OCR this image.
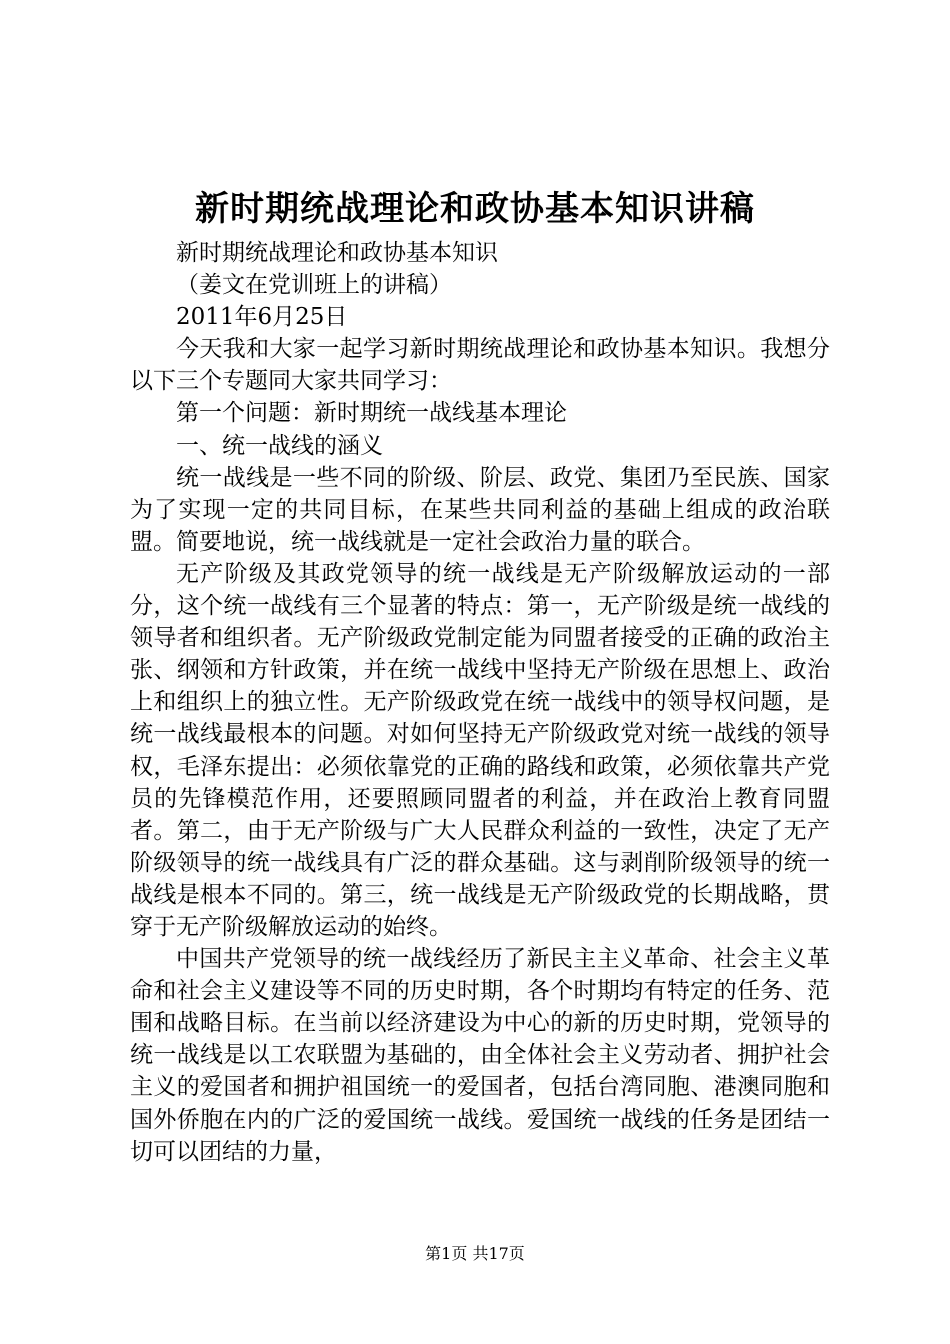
新时期统战理论和政协基本知识讲稿

新时期统战理论和政协基本知识

（姜文在党训班上的讲稿）

2011年6月25日

今天我和大家一起学习新时期统战理论和政协基本知识。我想分以下三个专题同大家共同学习：

第一个问题：新时期统一战线基本理论

一、统一战线的涵义

统一战线是一些不同的阶级、阶层、政党、集团乃至民族、国家为了实现一定的共同目标，在某些共同利益的基础上组成的政治联盟。简要地说，统一战线就是一定社会政治力量的联合。

无产阶级及其政党领导的统一战线是无产阶级解放运动的一部分，这个统一战线有三个显著的特点：第一，无产阶级是统一战线的领导者和组织者。无产阶级政党制定能为同盟者接受的正确的政治主张、纲领和方针政策，并在统一战线中坚持无产阶级在思想上、政治上和组织上的独立性。无产阶级政党在统一战线中的领导权问题，是统一战线最根本的问题。对如何坚持无产阶级政党对统一战线的领导权，毛泽东提出：必须依靠党的正确的路线和政策，必须依靠共产党员的先锋模范作用，还要照顾同盟者的利益，并在政治上教育同盟者。第二，由于无产阶级与广大人民群众利益的一致性，决定了无产阶级领导的统一战线具有广泛的群众基础。这与剥削阶级领导的统一战线是根本不同的。第三，统一战线是无产阶级政党的长期战略，贯穿于无产阶级解放运动的始终。

中国共产党领导的统一战线经历了新民主主义革命、社会主义革命和社会主义建设等不同的历史时期，各个时期均有特定的任务、范围和战略目标。在当前以经济建设为中心的新的历史时期，党领导的统一战线是以工农联盟为基础的，由全体社会主义劳动者、拥护社会主义的爱国者和拥护祖国统一的爱国者，包括台湾同胞、港澳同胞和国外侨胞在内的广泛的爱国统一战线。爱国统一战线的任务是团结一切可以团结的力量，

第1页 共17页
